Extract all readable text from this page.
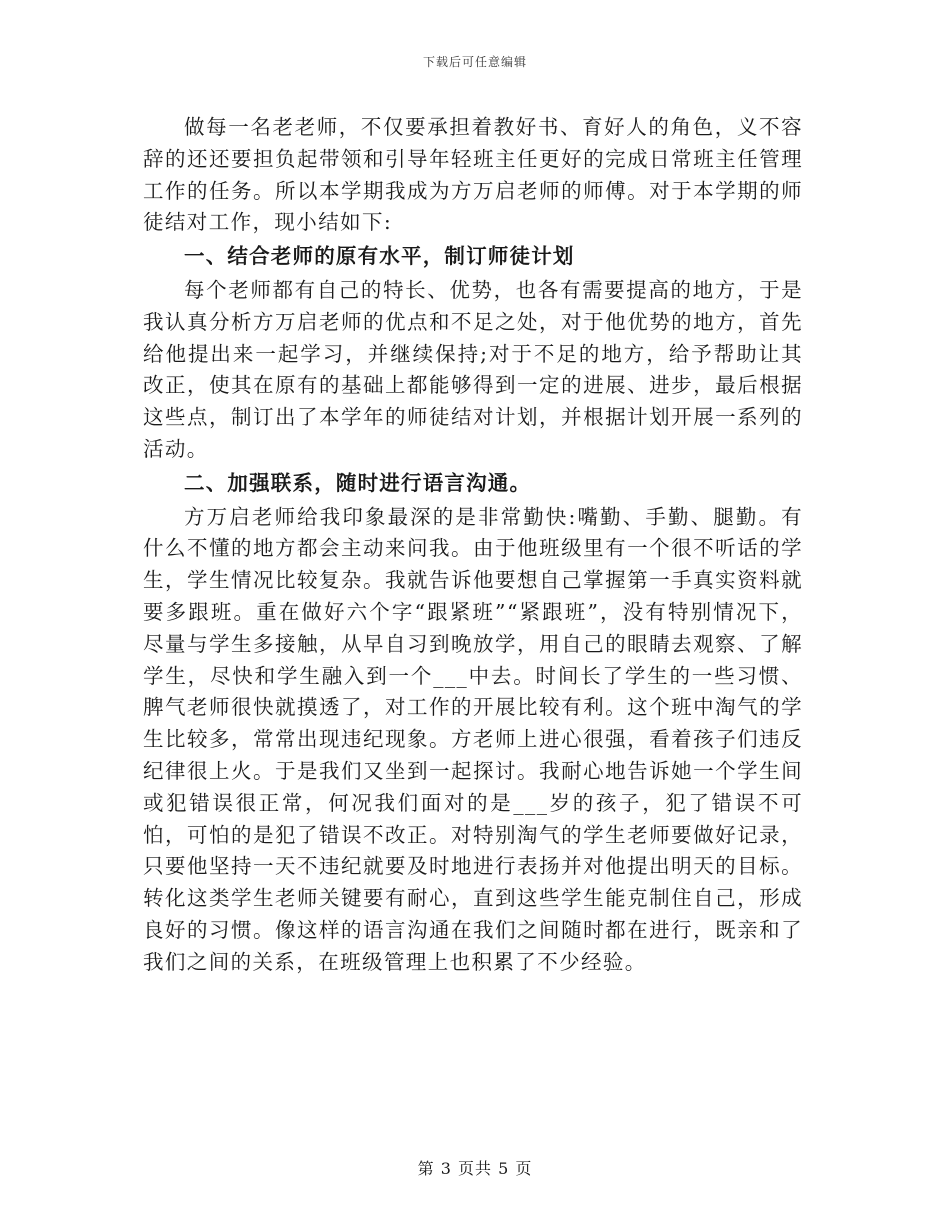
下载后可任意编辑

做每一名老老师，不仅要承担着教好书、育好人的角色，义不容辞的还还要担负起带领和引导年轻班主任更好的完成日常班主任管理工作的任务。所以本学期我成为方万启老师的师傅。对于本学期的师徒结对工作，现小结如下:

一、结合老师的原有水平，制订师徒计划

每个老师都有自己的特长、优势，也各有需要提高的地方，于是我认真分析方万启老师的优点和不足之处，对于他优势的地方，首先给他提出来一起学习，并继续保持;对于不足的地方，给予帮助让其改正，使其在原有的基础上都能够得到一定的进展、进步，最后根据这些点，制订出了本学年的师徒结对计划，并根据计划开展一系列的活动。

二、加强联系，随时进行语言沟通。

方万启老师给我印象最深的是非常勤快:嘴勤、手勤、腿勤。有什么不懂的地方都会主动来问我。由于他班级里有一个很不听话的学生，学生情况比较复杂。我就告诉他要想自己掌握第一手真实资料就要多跟班。重在做好六个字“跟紧班”“紧跟班”，没有特别情况下，尽量与学生多接触，从早自习到晚放学，用自己的眼睛去观察、了解学生，尽快和学生融入到一个___中去。时间长了学生的一些习惯、脾气老师很快就摸透了，对工作的开展比较有利。这个班中淘气的学生比较多，常常出现违纪现象。方老师上进心很强，看着孩子们违反纪律很上火。于是我们又坐到一起探讨。我耐心地告诉她一个学生间或犯错误很正常，何况我们面对的是___岁的孩子，犯了错误不可怕，可怕的是犯了错误不改正。对特别淘气的学生老师要做好记录，只要他坚持一天不违纪就要及时地进行表扬并对他提出明天的目标。转化这类学生老师关键要有耐心，直到这些学生能克制住自己，形成良好的习惯。像这样的语言沟通在我们之间随时都在进行，既亲和了我们之间的关系，在班级管理上也积累了不少经验。

第 3 页共 5 页
